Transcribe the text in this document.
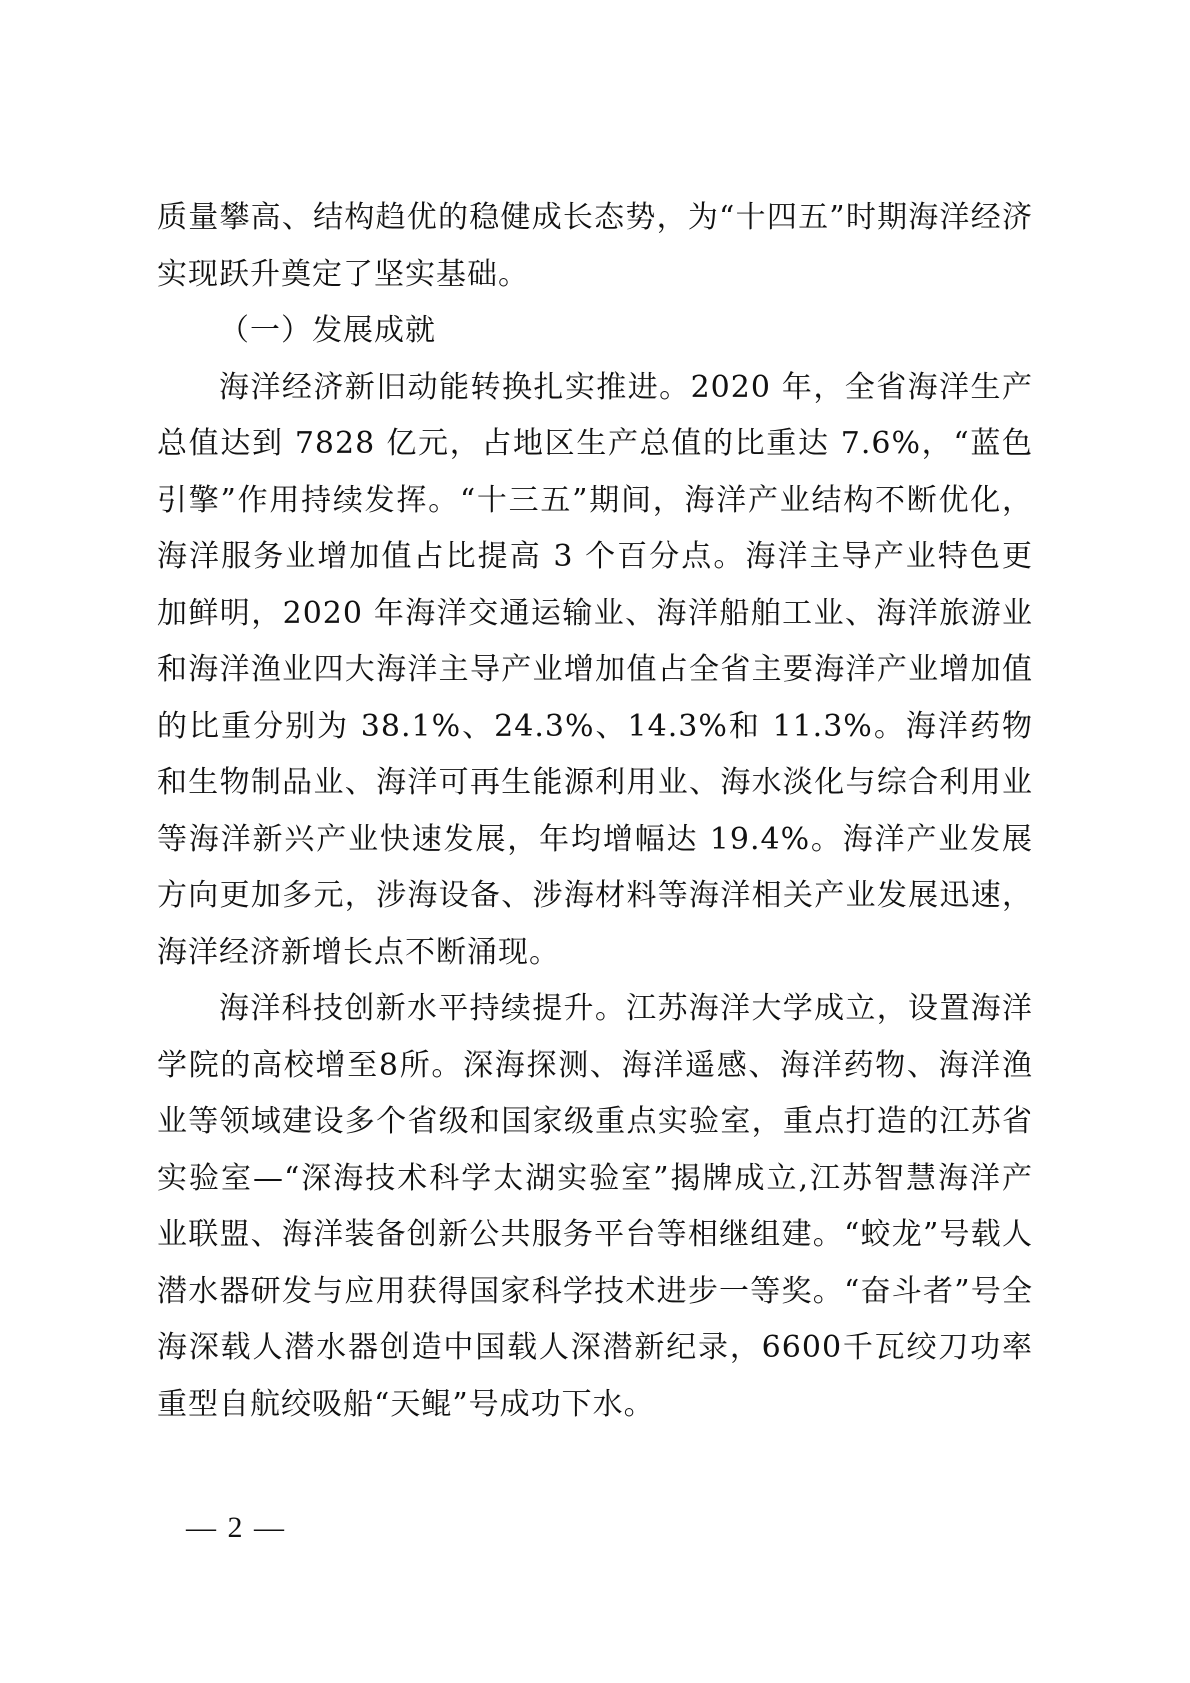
质量攀高、结构趋优的稳健成长态势，为“十四五”时期海洋经济实现跃升奠定了坚实基础。

（一）发展成就

海洋经济新旧动能转换扎实推进。2020 年，全省海洋生产总值达到 7828 亿元，占地区生产总值的比重达 7.6%，“蓝色引擎”作用持续发挥。“十三五”期间，海洋产业结构不断优化，海洋服务业增加值占比提高 3 个百分点。海洋主导产业特色更加鲜明，2020 年海洋交通运输业、海洋船舶工业、海洋旅游业和海洋渔业四大海洋主导产业增加值占全省主要海洋产业增加值的比重分别为 38.1%、24.3%、14.3%和 11.3%。海洋药物和生物制品业、海洋可再生能源利用业、海水淡化与综合利用业等海洋新兴产业快速发展，年均增幅达 19.4%。海洋产业发展方向更加多元，涉海设备、涉海材料等海洋相关产业发展迅速，海洋经济新增长点不断涌现。

海洋科技创新水平持续提升。江苏海洋大学成立，设置海洋学院的高校增至8所。深海探测、海洋遥感、海洋药物、海洋渔业等领域建设多个省级和国家级重点实验室，重点打造的江苏省实验室—“深海技术科学太湖实验室”揭牌成立,江苏智慧海洋产业联盟、海洋装备创新公共服务平台等相继组建。“蛟龙”号载人潜水器研发与应用获得国家科学技术进步一等奖。“奋斗者”号全海深载人潜水器创造中国载人深潜新纪录，6600千瓦绞刀功率重型自航绞吸船“天鲲”号成功下水。

— 2 —
